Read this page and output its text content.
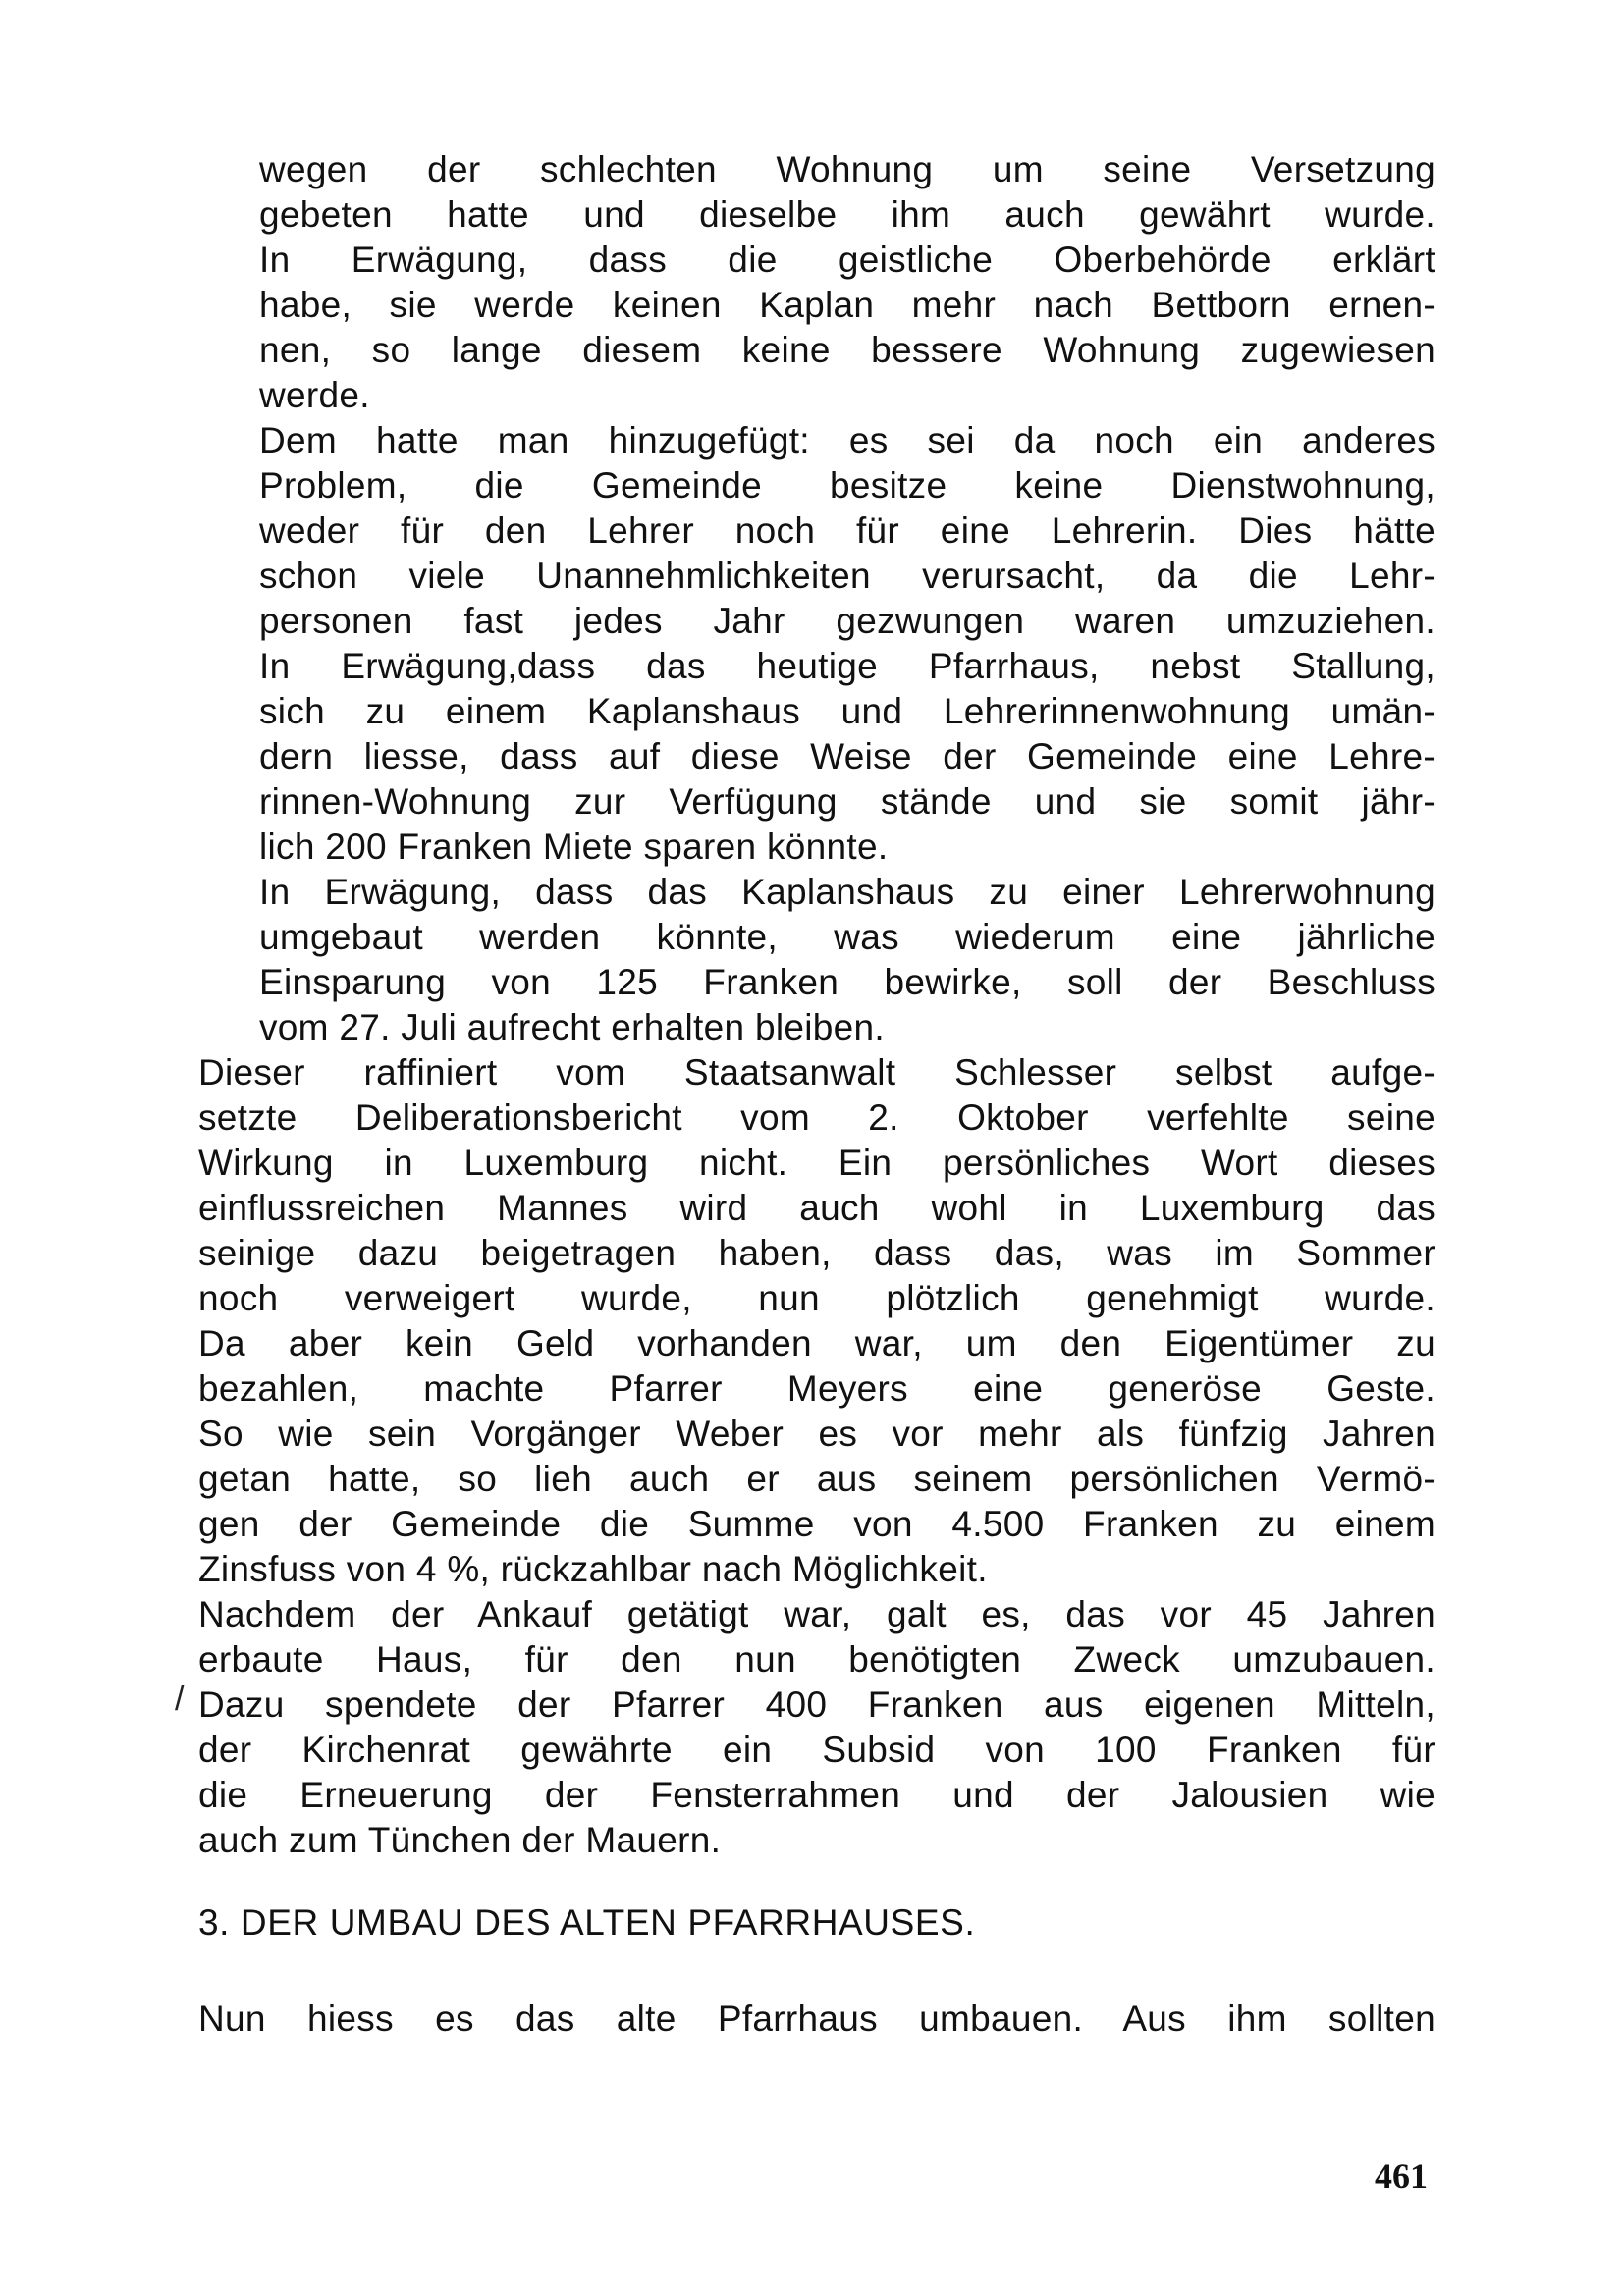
wegen der schlechten Wohnung um seine Versetzung
gebeten hatte und dieselbe ihm auch gewährt wurde.
In Erwägung, dass die geistliche Oberbehörde erklärt
habe, sie werde keinen Kaplan mehr nach Bettborn ernen-
nen, so lange diesem keine bessere Wohnung zugewiesen
werde.
Dem hatte man hinzugefügt: es sei da noch ein anderes
Problem, die Gemeinde besitze keine Dienstwohnung,
weder für den Lehrer noch für eine Lehrerin. Dies hätte
schon viele Unannehmlichkeiten verursacht, da die Lehr-
personen fast jedes Jahr gezwungen waren umzuziehen.
In Erwägung,dass das heutige Pfarrhaus, nebst Stallung,
sich zu einem Kaplanshaus und Lehrerinnenwohnung umän-
dern liesse, dass auf diese Weise der Gemeinde eine Lehre-
rinnen-Wohnung zur Verfügung stände und sie somit jähr-
lich 200 Franken Miete sparen könnte.
In Erwägung, dass das Kaplanshaus zu einer Lehrerwohnung
umgebaut werden könnte, was wiederum eine jährliche
Einsparung von 125 Franken bewirke, soll der Beschluss
vom 27. Juli aufrecht erhalten bleiben.
Dieser raffiniert vom Staatsanwalt Schlesser selbst aufge-
setzte Deliberationsbericht vom 2. Oktober verfehlte seine
Wirkung in Luxemburg nicht. Ein persönliches Wort dieses
einflussreichen Mannes wird auch wohl in Luxemburg das
seinige dazu beigetragen haben, dass das, was im Sommer
noch verweigert wurde, nun plötzlich genehmigt wurde.
Da aber kein Geld vorhanden war, um den Eigentümer zu
bezahlen, machte Pfarrer Meyers eine generöse Geste.
So wie sein Vorgänger Weber es vor mehr als fünfzig Jahren
getan hatte, so lieh auch er aus seinem persönlichen Vermö-
gen der Gemeinde die Summe von 4.500 Franken zu einem
Zinsfuss von 4 %, rückzahlbar nach Möglichkeit.
Nachdem der Ankauf getätigt war, galt es, das vor 45 Jahren
erbaute Haus, für den nun benötigten Zweck umzubauen.
Dazu spendete der Pfarrer 400 Franken aus eigenen Mitteln,
der Kirchenrat gewährte ein Subsid von 100 Franken für
die Erneuerung der Fensterrahmen und der Jalousien wie
auch zum Tünchen der Mauern.
/
3. DER UMBAU DES ALTEN PFARRHAUSES.
Nun hiess es das alte Pfarrhaus umbauen. Aus ihm sollten
461
